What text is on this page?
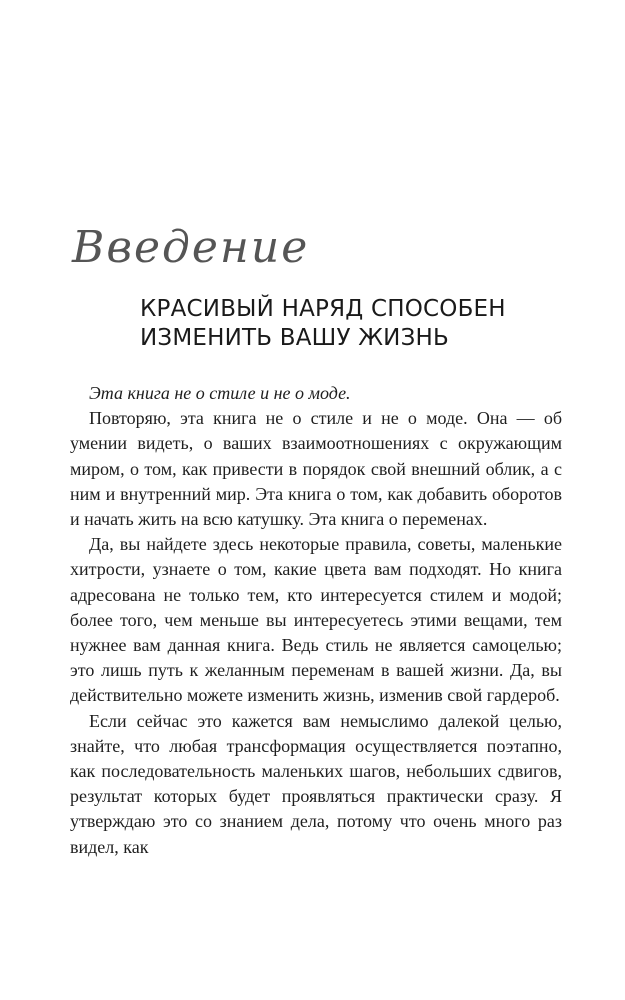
Введение
КРАСИВЫЙ НАРЯД СПОСОБЕН
ИЗМЕНИТЬ ВАШУ ЖИЗНЬ

Эта книга не о стиле и не о моде.

Повторяю, эта книга не о стиле и не о моде. Она — об умении видеть, о ваших взаимоотношениях с окружающим миром, о том, как привести в порядок свой внешний облик, а с ним и внутренний мир. Эта книга о том, как добавить оборотов и начать жить на всю катушку. Эта книга о переменах.

Да, вы найдете здесь некоторые правила, советы, маленькие хитрости, узнаете о том, какие цвета вам подходят. Но книга адресована не только тем, кто интересуется стилем и модой; более того, чем меньше вы интересуетесь этими вещами, тем нужнее вам данная книга. Ведь стиль не является самоцелью; это лишь путь к желанным переменам в вашей жизни. Да, вы действительно можете изменить жизнь, изменив свой гардероб.

Если сейчас это кажется вам немыслимо далекой целью, знайте, что любая трансформация осуществляется поэтапно, как последовательность маленьких шагов, небольших сдвигов, результат которых будет проявляться практически сразу. Я утверждаю это со знанием дела, потому что очень много раз видел, как
